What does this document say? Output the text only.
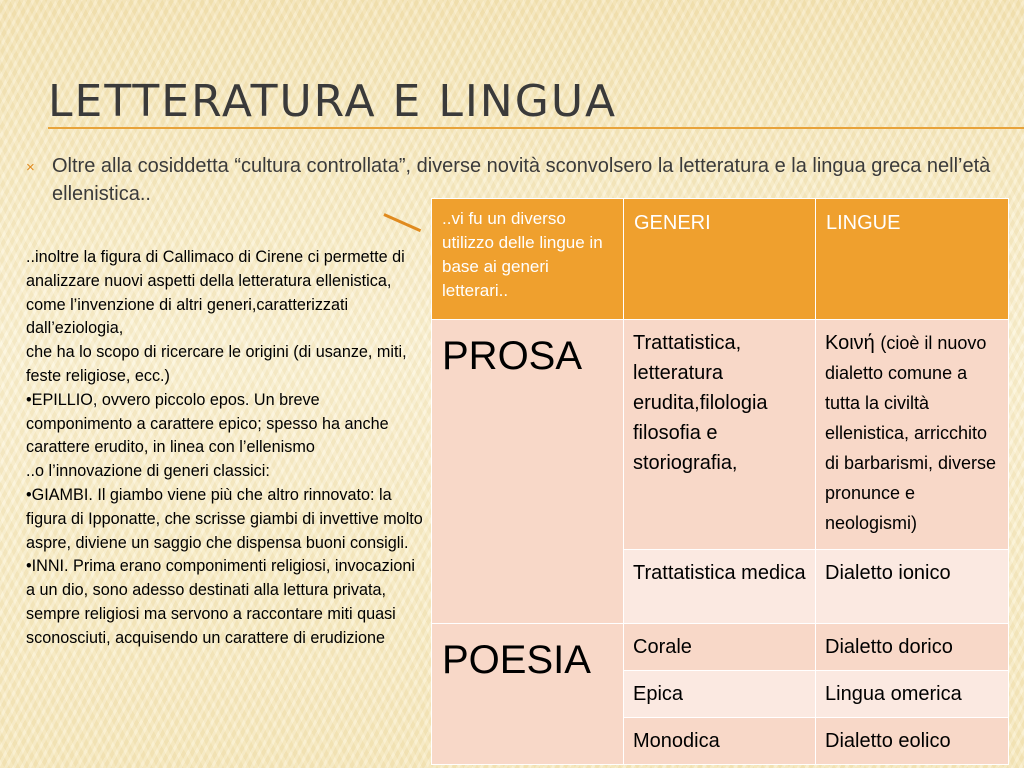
LETTERATURA E LINGUA
× Oltre alla cosiddetta “cultura controllata”, diverse novità sconvolsero la letteratura e la lingua greca nell’età ellenistica..

..inoltre la figura di Callimaco di Cirene ci permette di analizzare nuovi aspetti della letteratura ellenistica, come l’invenzione di altri generi,caratterizzati dall’eziologia,
che ha lo scopo di ricercare le origini (di usanze, miti, feste religiose, ecc.)
•EPILLIO, ovvero piccolo epos. Un breve componimento a carattere epico; spesso ha anche carattere erudito, in linea con l’ellenismo
..o l’innovazione di generi classici:
•GIAMBI. Il giambo viene più che altro rinnovato: la figura di Ipponatte, che scrisse giambi di invettive molto aspre, diviene un saggio che dispensa buoni consigli.
•INNI. Prima erano componimenti religiosi, invocazioni a un dio, sono adesso destinati alla lettura privata, sempre religiosi ma servono a raccontare miti quasi sconosciuti, acquisendo un carattere di erudizione

..vi fu un diverso utilizzo delle lingue in base ai generi letterari..	GENERI	LINGUE
PROSA	Trattatistica, letteratura erudita,filologia filosofia e storiografia,	Κοινή (cioè il nuovo dialetto comune a tutta la civiltà ellenistica, arricchito di barbarismi, diverse pronunce e neologismi)
	Trattatistica medica	Dialetto ionico
POESIA	Corale	Dialetto dorico
	Epica	Lingua omerica
	Monodica	Dialetto eolico
